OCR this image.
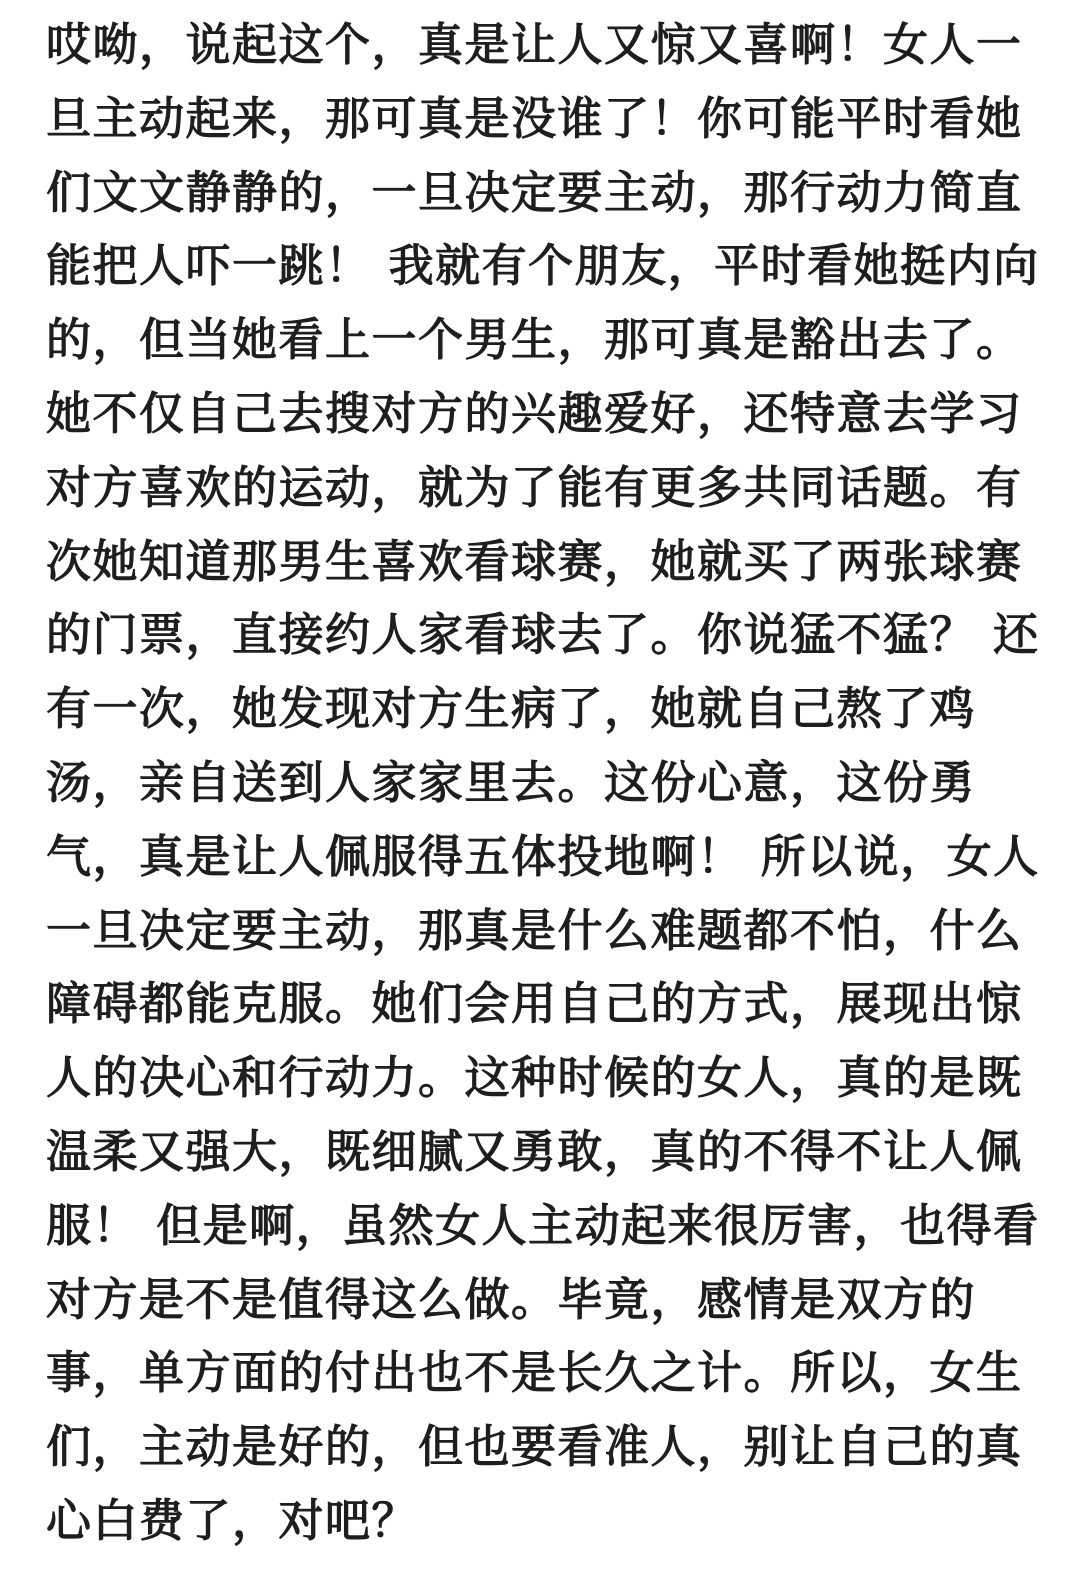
哎呦，说起这个，真是让人又惊又喜啊！女人一
旦主动起来，那可真是没谁了！你可能平时看她
们文文静静的，一旦决定要主动，那行动力简直
能把人吓一跳！ 我就有个朋友，平时看她挺内向
的，但当她看上一个男生，那可真是豁出去了。
她不仅自己去搜对方的兴趣爱好，还特意去学习
对方喜欢的运动，就为了能有更多共同话题。有
次她知道那男生喜欢看球赛，她就买了两张球赛
的门票，直接约人家看球去了。你说猛不猛？ 还
有一次，她发现对方生病了，她就自己熬了鸡
汤，亲自送到人家家里去。这份心意，这份勇
气，真是让人佩服得五体投地啊！ 所以说，女人
一旦决定要主动，那真是什么难题都不怕，什么
障碍都能克服。她们会用自己的方式，展现出惊
人的决心和行动力。这种时候的女人，真的是既
温柔又强大，既细腻又勇敢，真的不得不让人佩
服！ 但是啊，虽然女人主动起来很厉害，也得看
对方是不是值得这么做。毕竟，感情是双方的
事，单方面的付出也不是长久之计。所以，女生
们，主动是好的，但也要看准人，别让自己的真
心白费了，对吧？
